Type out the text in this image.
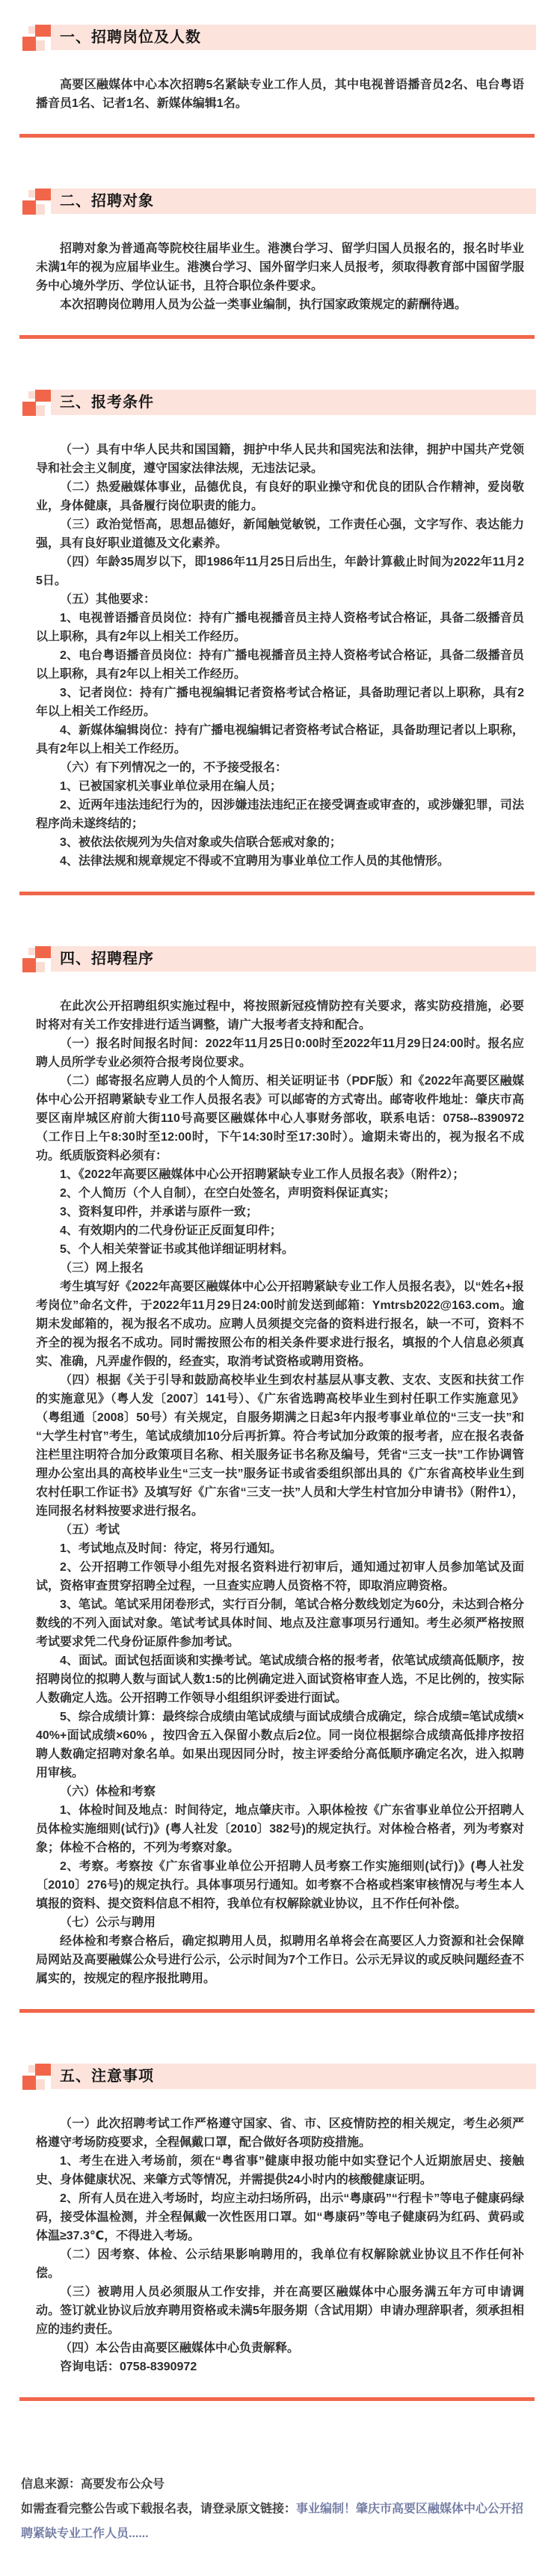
一、招聘岗位及人数

高要区融媒体中心本次招聘5名紧缺专业工作人员，其中电视普语播音员2名、电台粤语播音员1名、记者1名、新媒体编辑1名。

二、招聘对象

招聘对象为普通高等院校往届毕业生。港澳台学习、留学归国人员报名的，报名时毕业未满1年的视为应届毕业生。港澳台学习、国外留学归来人员报考，须取得教育部中国留学服务中心境外学历、学位认证书，且符合职位条件要求。

本次招聘岗位聘用人员为公益一类事业编制，执行国家政策规定的薪酬待遇。

三、报考条件

（一）具有中华人民共和国国籍，拥护中华人民共和国宪法和法律，拥护中国共产党领导和社会主义制度，遵守国家法律法规，无违法记录。

（二）热爱融媒体事业，品德优良，有良好的职业操守和优良的团队合作精神，爱岗敬业，身体健康，具备履行岗位职责的能力。

（三）政治觉悟高，思想品德好，新闻触觉敏锐，工作责任心强，文字写作、表达能力强，具有良好职业道德及文化素养。

（四）年龄35周岁以下，即1986年11月25日后出生，年龄计算截止时间为2022年11月25日。

（五）其他要求：

1、电视普语播音员岗位：持有广播电视播音员主持人资格考试合格证，具备二级播音员以上职称，具有2年以上相关工作经历。

2、电台粤语播音员岗位：持有广播电视播音员主持人资格考试合格证，具备二级播音员以上职称，具有2年以上相关工作经历。

3、记者岗位：持有广播电视编辑记者资格考试合格证，具备助理记者以上职称，具有2年以上相关工作经历。

4、新媒体编辑岗位：持有广播电视编辑记者资格考试合格证，具备助理记者以上职称，具有2年以上相关工作经历。

（六）有下列情况之一的，不予接受报名：

1、已被国家机关事业单位录用在编人员；

2、近两年违法违纪行为的，因涉嫌违法违纪正在接受调查或审查的，或涉嫌犯罪，司法程序尚未遂终结的；

3、被依法依规列为失信对象或失信联合惩戒对象的；

4、法律法规和规章规定不得或不宜聘用为事业单位工作人员的其他情形。

四、招聘程序

在此次公开招聘组织实施过程中，将按照新冠疫情防控有关要求，落实防疫措施，必要时将对有关工作安排进行适当调整，请广大报考者支持和配合。

（一）报名时间报名时间：2022年11月25日0:00时至2022年11月29日24:00时。报名应聘人员所学专业必须符合报考岗位要求。

（二）邮寄报名应聘人员的个人简历、相关证明证书（PDF版）和《2022年高要区融媒体中心公开招聘紧缺专业工作人员报名表》可以邮寄的方式寄出。邮寄收件地址：肇庆市高要区南岸城区府前大街110号高要区融媒体中心人事财务部收，联系电话：0758--8390972（工作日上午8:30时至12:00时，下午14:30时至17:30时）。逾期未寄出的，视为报名不成功。纸质版资料必须有：

1、《2022年高要区融媒体中心公开招聘紧缺专业工作人员报名表》（附件2）；

2、个人简历（个人自制），在空白处签名，声明资料保证真实；

3、资料复印件，并承诺与原件一致；

4、有效期内的二代身份证正反面复印件；

5、个人相关荣誉证书或其他详细证明材料。

（三）网上报名

考生填写好《2022年高要区融媒体中心公开招聘紧缺专业工作人员报名表》，以“姓名+报考岗位”命名文件，于2022年11月29日24:00时前发送到邮箱：Ymtrsb2022@163.com。逾期未发邮箱的，视为报名不成功。应聘人员须提交完备的资料进行报名，缺一不可，资料不齐全的视为报名不成功。同时需按照公布的相关条件要求进行报名，填报的个人信息必须真实、准确，凡弄虚作假的，经查实，取消考试资格或聘用资格。

（四）根据《关于引导和鼓励高校毕业生到农村基层从事支教、支农、支医和扶贫工作的实施意见》（粤人发〔2007〕141号）、《广东省选聘高校毕业生到村任职工作实施意见》（粤组通〔2008〕50号）有关规定，自服务期满之日起3年内报考事业单位的“三支一扶”和“大学生村官”考生，笔试成绩加10分后再折算。符合考试加分政策的报考者，应在报名表备注栏里注明符合加分政策项目名称、相关服务证书名称及编号，凭省“三支一扶”工作协调管理办公室出具的高校毕业生“三支一扶”服务证书或省委组织部出具的《广东省高校毕业生到农村任职工作证书》及填写好《广东省“三支一扶”人员和大学生村官加分申请书》（附件1），连同报名材料按要求进行报名。

（五）考试

1、考试地点及时间：待定，将另行通知。

2、公开招聘工作领导小组先对报名资料进行初审后，通知通过初审人员参加笔试及面试，资格审查贯穿招聘全过程，一旦查实应聘人员资格不符，即取消应聘资格。

3、笔试。笔试采用闭卷形式，实行百分制，笔试合格分数线划定为60分，未达到合格分数线的不列入面试对象。笔试考试具体时间、地点及注意事项另行通知。考生必须严格按照考试要求凭二代身份证原件参加考试。

4、面试。面试包括面谈和实操考试。笔试成绩合格的报考者，依笔试成绩高低顺序，按招聘岗位的拟聘人数与面试人数1:5的比例确定进入面试资格审查人选，不足比例的，按实际人数确定人选。公开招聘工作领导小组组织评委进行面试。

5、综合成绩计算：最终综合成绩由笔试成绩与面试成绩合成确定，综合成绩=笔试成绩×40%+面试成绩×60% ，按四舍五入保留小数点后2位。同一岗位根据综合成绩高低排序按招聘人数确定招聘对象名单。如果出现因同分时，按主评委给分高低顺序确定名次，进入拟聘用审核。

（六）体检和考察

1、体检时间及地点：时间待定，地点肇庆市。入职体检按《广东省事业单位公开招聘人员体检实施细则(试行)》(粤人社发〔2010〕382号)的规定执行。对体检合格者，列为考察对象；体检不合格的，不列为考察对象。

2、考察。考察按《广东省事业单位公开招聘人员考察工作实施细则(试行)》(粤人社发〔2010〕276号)的规定执行。具体事项另行通知。如考察不合格或档案审核情况与考生本人填报的资料、提交资料信息不相符，我单位有权解除就业协议，且不作任何补偿。

（七）公示与聘用

经体检和考察合格后，确定拟聘用人员，拟聘用名单将会在高要区人力资源和社会保障局网站及高要融媒公众号进行公示，公示时间为7个工作日。公示无异议的或反映问题经查不属实的，按规定的程序报批聘用。

五、注意事项

（一）此次招聘考试工作严格遵守国家、省、市、区疫情防控的相关规定，考生必须严格遵守考场防疫要求，全程佩戴口罩，配合做好各项防疫措施。

1、考生在进入考场前，须在“粤省事”健康申报功能中如实登记个人近期旅居史、接触史、身体健康状况、来肇方式等情况，并需提供24小时内的核酸健康证明。

2、所有人员在进入考场时，均应主动扫场所码，出示“粤康码”“行程卡”等电子健康码绿码，接受体温检测，并全程佩戴一次性医用口罩。如“粤康码”等电子健康码为红码、黄码或体温≥37.3℃，不得进入考场。

（二）因考察、体检、公示结果影响聘用的，我单位有权解除就业协议且不作任何补偿。

（三）被聘用人员必须服从工作安排，并在高要区融媒体中心服务满五年方可申请调动。签订就业协议后放弃聘用资格或未满5年服务期（含试用期）申请办理辞职者，须承担相应的违约责任。

（四）本公告由高要区融媒体中心负责解释。

咨询电话：0758-8390972

信息来源：高要发布公众号

如需查看完整公告或下载报名表，请登录原文链接：事业编制！肇庆市高要区融媒体中心公开招聘紧缺专业工作人员......
